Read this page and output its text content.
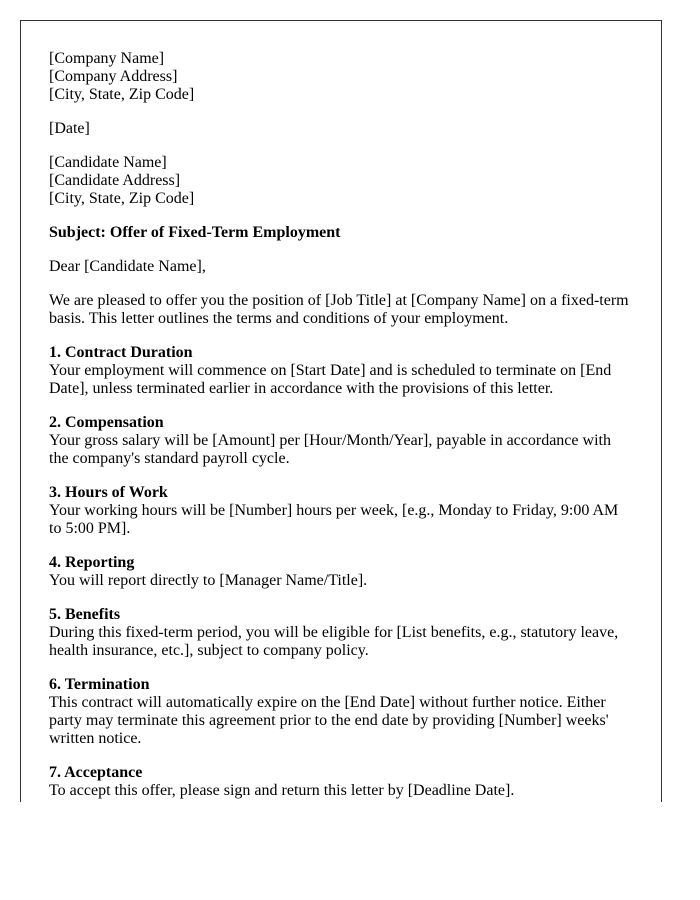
[Company Name]
[Company Address]
[City, State, Zip Code]

[Date]

[Candidate Name]
[Candidate Address]
[City, State, Zip Code]

Subject: Offer of Fixed-Term Employment

Dear [Candidate Name],

We are pleased to offer you the position of [Job Title] at [Company Name] on a fixed-term basis. This letter outlines the terms and conditions of your employment.

1. Contract Duration
Your employment will commence on [Start Date] and is scheduled to terminate on [End Date], unless terminated earlier in accordance with the provisions of this letter.

2. Compensation
Your gross salary will be [Amount] per [Hour/Month/Year], payable in accordance with the company's standard payroll cycle.

3. Hours of Work
Your working hours will be [Number] hours per week, [e.g., Monday to Friday, 9:00 AM to 5:00 PM].

4. Reporting
You will report directly to [Manager Name/Title].

5. Benefits
During this fixed-term period, you will be eligible for [List benefits, e.g., statutory leave, health insurance, etc.], subject to company policy.

6. Termination
This contract will automatically expire on the [End Date] without further notice. Either party may terminate this agreement prior to the end date by providing [Number] weeks' written notice.

7. Acceptance
To accept this offer, please sign and return this letter by [Deadline Date].
